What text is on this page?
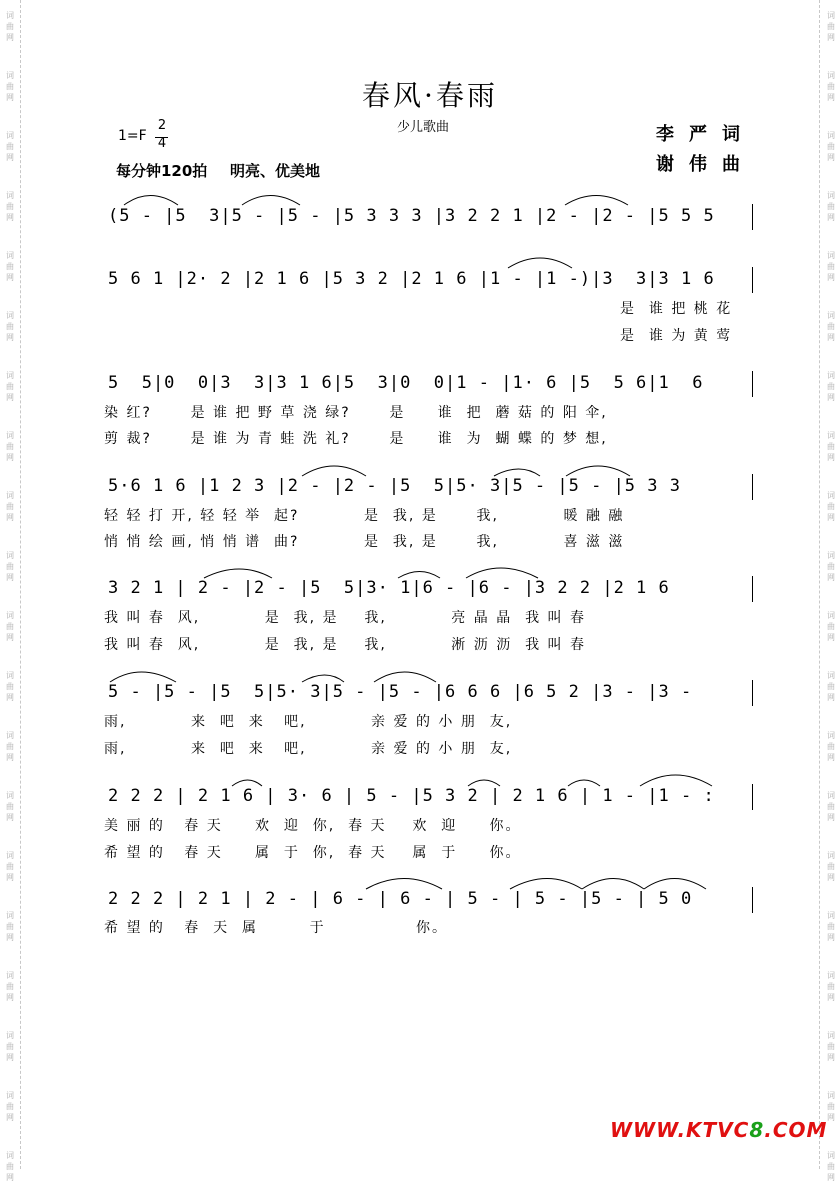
词
曲
网
词
曲
网
词
曲
网
词
曲
网
词
曲
网
词
曲
网
词
曲
网
词
曲
网
词
曲
网
词
曲
网
词
曲
网
词
曲
网
词
曲
网
词
曲
网
词
曲
网
词
曲
网
词
曲
网
词
曲
网
词
曲
网
词
曲
网
词
曲
网
词
曲
网
词
曲
网
词
曲
网
词
曲
网
词
曲
网
词
曲
网
词
曲
网
词
曲
网
词
曲
网
词
曲
网
词
曲
网
词
曲
网
词
曲
网
词
曲
网
词
曲
网
词
曲
网
词
曲
网
词
曲
网
词
曲
网
春风·春雨
少儿歌曲
1=F
2
4
每分钟120拍 明亮、优美地
李严词
谢伟曲
(5 - |5  3|5 - |5 - |5 3 3 3 |3 2 2 1 |2 - |2 - |5 5 5
5 6 1 |2· 2 |2 1 6 |5 3 2 |2 1 6 |1 - |1 -)|3  3|3 1 6
是  谁 把 桃 花
是  谁 为 黄 莺
5  5|0  0|3  3|3 1 6|5  3|0  0|1 - |1· 6 |5  5 6|1  6
染 红?      是 谁 把 野 草 浇 绿?      是     谁  把  蘑 菇 的 阳 伞,
剪 裁?      是 谁 为 青 蛙 洗 礼?      是     谁  为  蝴 蝶 的 梦 想,
5·6 1 6 |1 2 3 |2 - |2 - |5  5|5· 3|5 - |5 - |5 3 3
轻 轻 打 开, 轻 轻 举  起?          是  我, 是      我,          暖 融 融
悄 悄 绘 画, 悄 悄 谱  曲?          是  我, 是      我,          喜 滋 滋
3 2 1 | 2 - |2 - |5  5|3· 1|6 - |6 - |3 2 2 |2 1 6
我 叫 春  风,          是  我, 是    我,          亮 晶 晶  我 叫 春
我 叫 春  风,          是  我, 是    我,          淅 沥 沥  我 叫 春
5 - |5 - |5  5|5· 3|5 - |5 - |6 6 6 |6 5 2 |3 - |3 -
雨,          来  吧  来   吧,          亲 爱 的 小 朋  友,
雨,          来  吧  来   吧,          亲 爱 的 小 朋  友,
2 2 2 | 2 1 6 | 3· 6 | 5 - |5 3 2 | 2 1 6 | 1 - |1 - :
美 丽 的   春 天     欢  迎  你,  春 天    欢  迎     你。
希 望 的   春 天     属  于  你,  春 天    属  于     你。
2 2 2 | 2 1 | 2 - | 6 - | 6 - | 5 - | 5 - |5 - | 5 0
希 望 的   春  天  属        于              你。
WWW.KTVC8.COM
